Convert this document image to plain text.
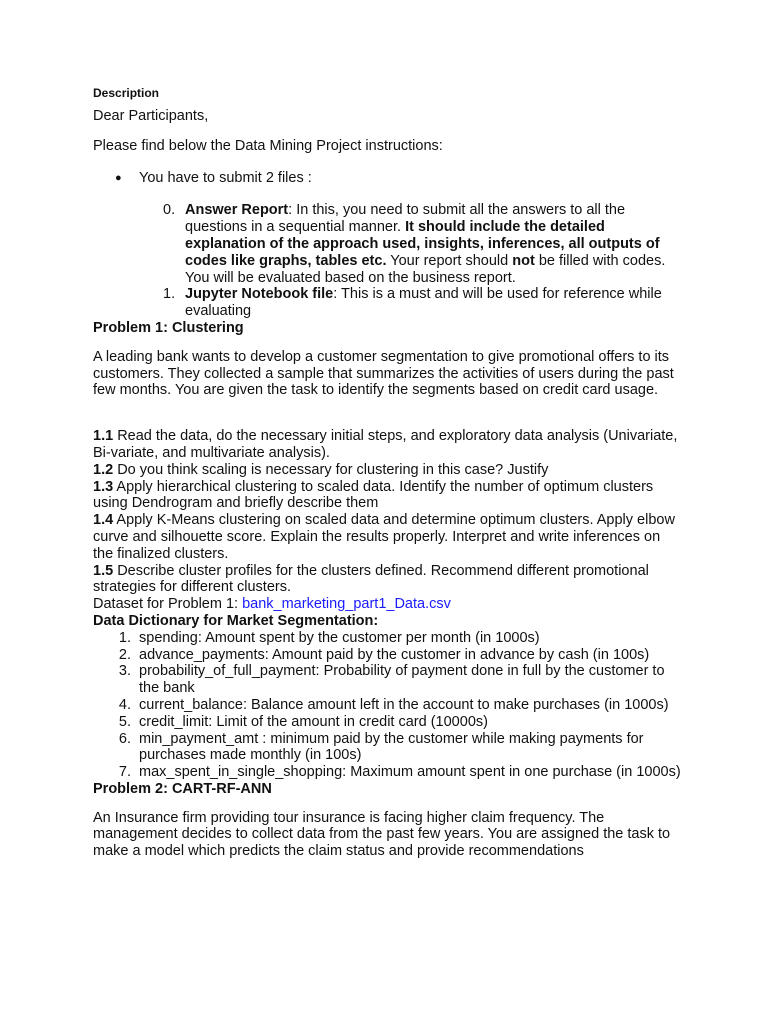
Description

Dear Participants,

Please find below the Data Mining Project instructions:

● You have to submit 2 files :
0. Answer Report: In this, you need to submit all the answers to all the questions in a sequential manner. It should include the detailed explanation of the approach used, insights, inferences, all outputs of codes like graphs, tables etc. Your report should not be filled with codes. You will be evaluated based on the business report.
1. Jupyter Notebook file: This is a must and will be used for reference while evaluating

Problem 1: Clustering

A leading bank wants to develop a customer segmentation to give promotional offers to its customers. They collected a sample that summarizes the activities of users during the past few months. You are given the task to identify the segments based on credit card usage.

1.1 Read the data, do the necessary initial steps, and exploratory data analysis (Univariate, Bi-variate, and multivariate analysis).

1.2 Do you think scaling is necessary for clustering in this case? Justify

1.3 Apply hierarchical clustering to scaled data. Identify the number of optimum clusters using Dendrogram and briefly describe them

1.4 Apply K-Means clustering on scaled data and determine optimum clusters. Apply elbow curve and silhouette score. Explain the results properly. Interpret and write inferences on the finalized clusters.

1.5 Describe cluster profiles for the clusters defined. Recommend different promotional strategies for different clusters.

Dataset for Problem 1: bank_marketing_part1_Data.csv

Data Dictionary for Market Segmentation:

1. spending: Amount spent by the customer per month (in 1000s)
2. advance_payments: Amount paid by the customer in advance by cash (in 100s)
3. probability_of_full_payment: Probability of payment done in full by the customer to the bank
4. current_balance: Balance amount left in the account to make purchases (in 1000s)
5. credit_limit: Limit of the amount in credit card (10000s)
6. min_payment_amt : minimum paid by the customer while making payments for purchases made monthly (in 100s)
7. max_spent_in_single_shopping: Maximum amount spent in one purchase (in 1000s)

Problem 2: CART-RF-ANN

An Insurance firm providing tour insurance is facing higher claim frequency. The management decides to collect data from the past few years. You are assigned the task to make a model which predicts the claim status and provide recommendations
